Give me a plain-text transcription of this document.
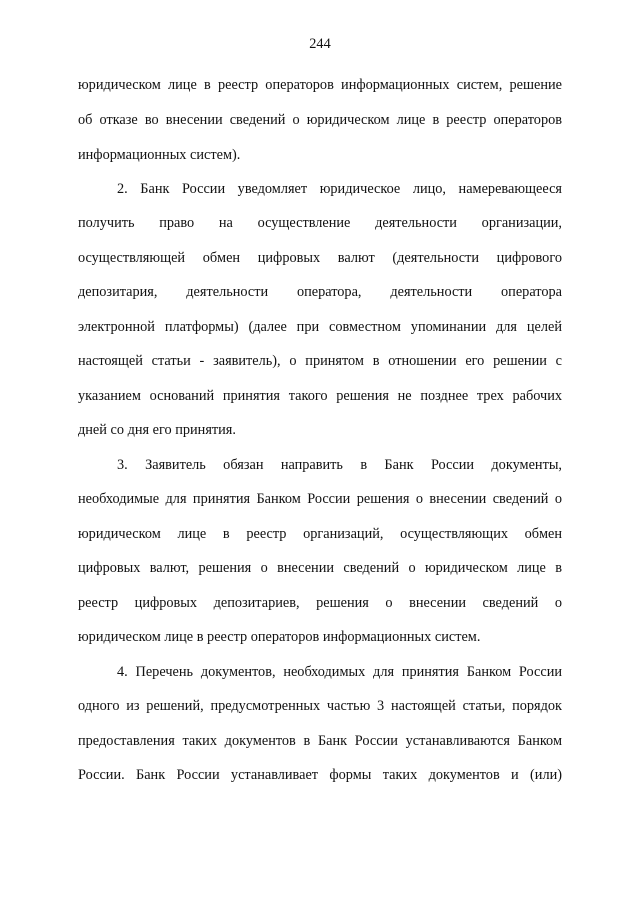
244
юридическом лице в реестр операторов информационных систем, решение
об отказе во внесении сведений о юридическом лице в реестр операторов
информационных систем).
2. Банк России уведомляет юридическое лицо, намеревающееся
получить право на осуществление деятельности организации,
осуществляющей обмен цифровых валют (деятельности цифрового
депозитария, деятельности оператора, деятельности оператора
электронной платформы) (далее при совместном упоминании для целей
настоящей статьи - заявитель), о принятом в отношении его решении с
указанием оснований принятия такого решения не позднее трех рабочих
дней со дня его принятия.
3. Заявитель обязан направить в Банк России документы,
необходимые для принятия Банком России решения о внесении сведений о
юридическом лице в реестр организаций, осуществляющих обмен
цифровых валют, решения о внесении сведений о юридическом лице в
реестр цифровых депозитариев, решения о внесении сведений о
юридическом лице в реестр операторов информационных систем.
4. Перечень документов, необходимых для принятия Банком России
одного из решений, предусмотренных частью 3 настоящей статьи, порядок
предоставления таких документов в Банк России устанавливаются Банком
России. Банк России устанавливает формы таких документов и (или)
